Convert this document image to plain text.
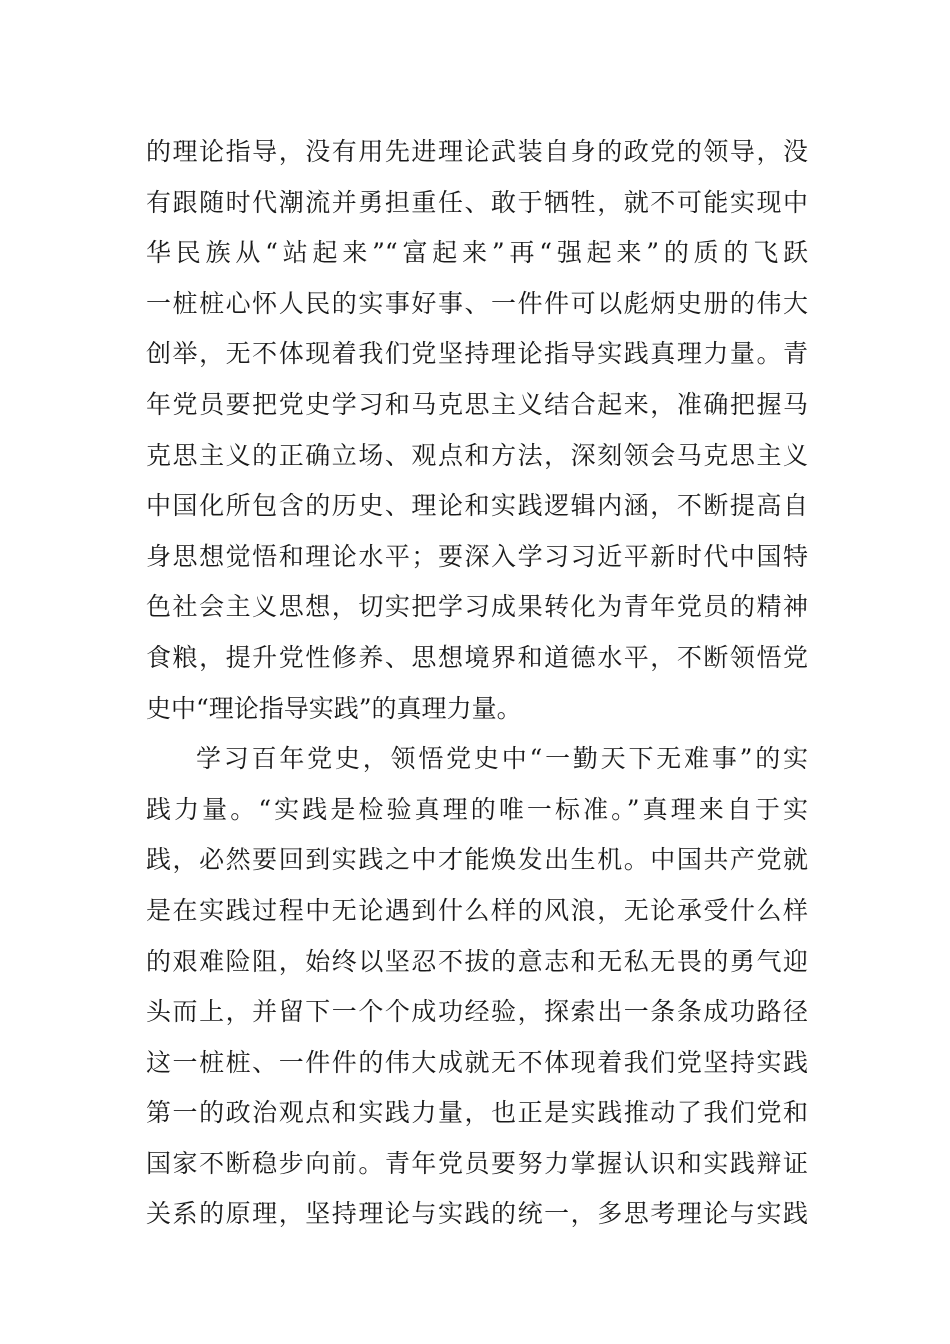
的理论指导，没有用先进理论武装自身的政党的领导，没
有跟随时代潮流并勇担重任、敢于牺牲，就不可能实现中
华民族从“站起来”“富起来”再“强起来”的质的飞跃
一桩桩心怀人民的实事好事、一件件可以彪炳史册的伟大
创举，无不体现着我们党坚持理论指导实践真理力量。青
年党员要把党史学习和马克思主义结合起来，准确把握马
克思主义的正确立场、观点和方法，深刻领会马克思主义
中国化所包含的历史、理论和实践逻辑内涵，不断提高自
身思想觉悟和理论水平；要深入学习习近平新时代中国特
色社会主义思想，切实把学习成果转化为青年党员的精神
食粮，提升党性修养、思想境界和道德水平，不断领悟党
史中“理论指导实践”的真理力量。
学习百年党史，领悟党史中“一勤天下无难事”的实
践力量。“实践是检验真理的唯一标准。”真理来自于实
践，必然要回到实践之中才能焕发出生机。中国共产党就
是在实践过程中无论遇到什么样的风浪，无论承受什么样
的艰难险阻，始终以坚忍不拔的意志和无私无畏的勇气迎
头而上，并留下一个个成功经验，探索出一条条成功路径
这一桩桩、一件件的伟大成就无不体现着我们党坚持实践
第一的政治观点和实践力量，也正是实践推动了我们党和
国家不断稳步向前。青年党员要努力掌握认识和实践辩证
关系的原理，坚持理论与实践的统一，多思考理论与实践
